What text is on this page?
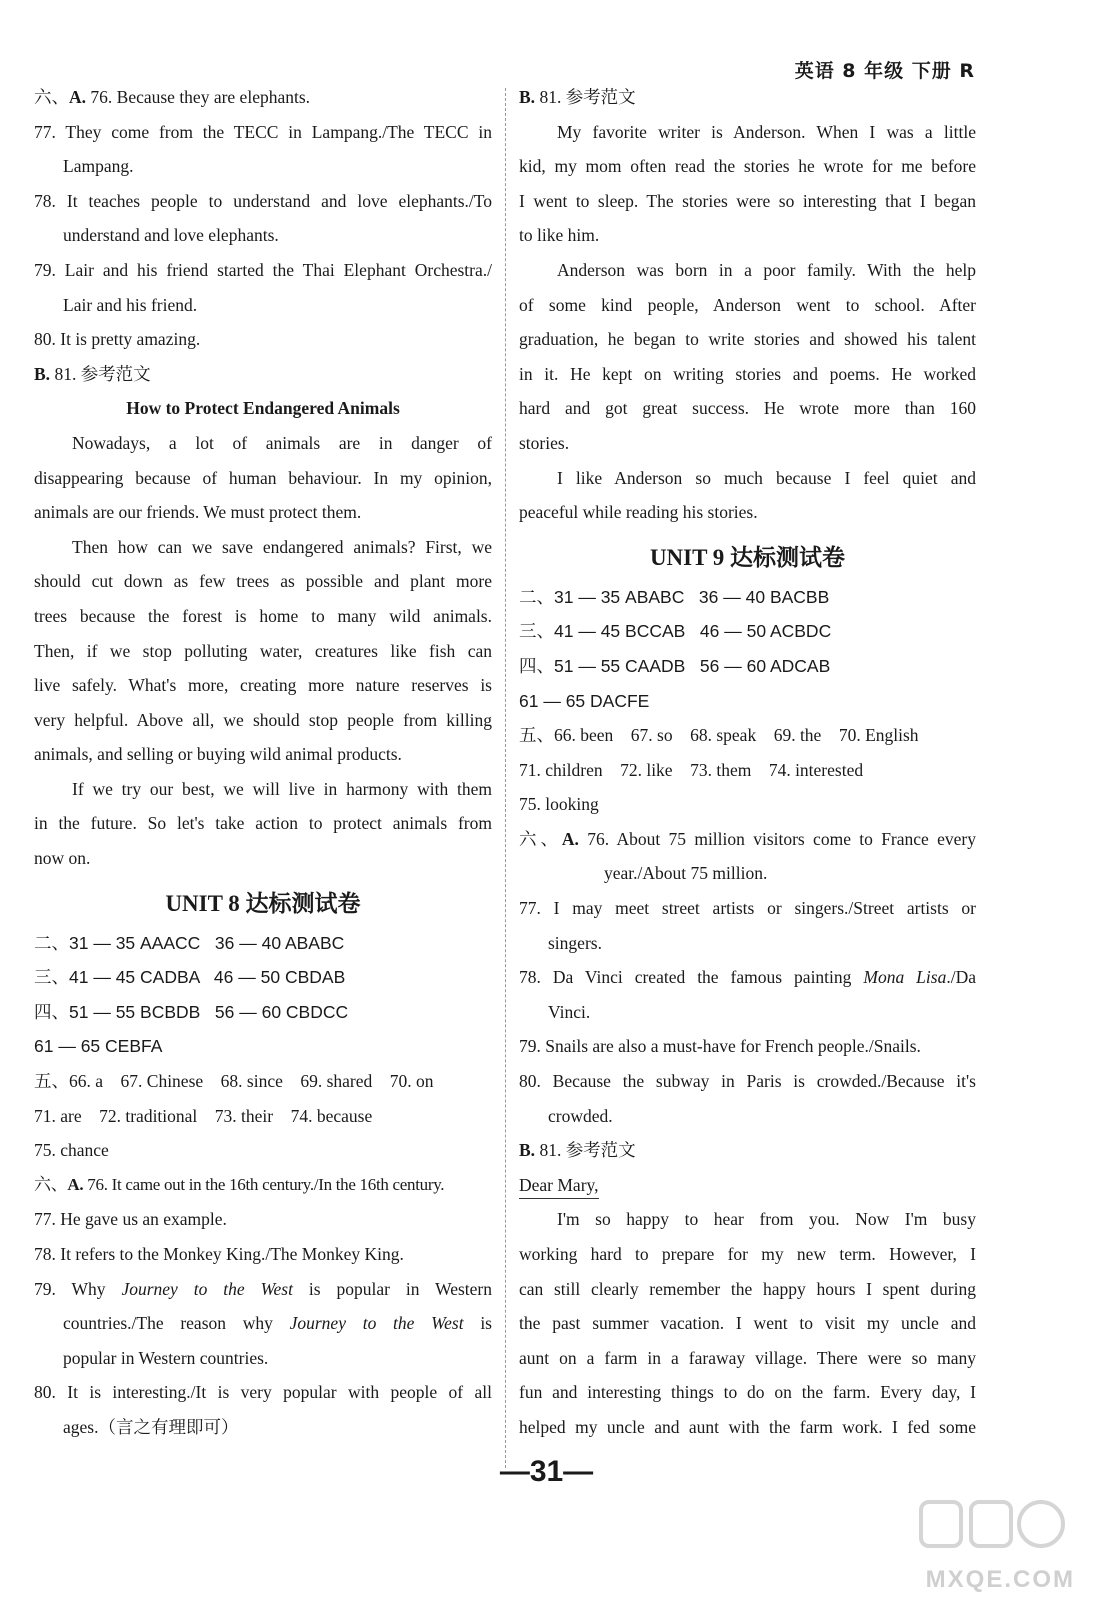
英语 8 年级 下册 R
六、A. 76. Because they are elephants.
77. They come from the TECC in Lampang./The TECC in
Lampang.
78. It teaches people to understand and love elephants./To
understand and love elephants.
79. Lair and his friend started the Thai Elephant Orchestra./
Lair and his friend.
80. It is pretty amazing.
B. 81. 参考范文
How to Protect Endangered Animals
Nowadays, a lot of animals are in danger of
disappearing because of human behaviour. In my opinion,
animals are our friends. We must protect them.
Then how can we save endangered animals? First, we
should cut down as few trees as possible and plant more
trees because the forest is home to many wild animals.
Then, if we stop polluting water, creatures like fish can
live safely. What's more, creating more nature reserves is
very helpful. Above all, we should stop people from killing
animals, and selling or buying wild animal products.
If we try our best, we will live in harmony with them
in the future. So let's take action to protect animals from
now on.
UNIT 8 达标测试卷
二、31 — 35 AAACC   36 — 40 ABABC
三、41 — 45 CADBA   46 — 50 CBDAB
四、51 — 55 BCBDB   56 — 60 CBDCC
61 — 65 CEBFA
五、66. a    67. Chinese    68. since    69. shared    70. on
71. are    72. traditional    73. their    74. because
75. chance
六、A. 76. It came out in the 16th century./In the 16th century.
77. He gave us an example.
78. It refers to the Monkey King./The Monkey King.
79. Why Journey to the West is popular in Western
countries./The reason why Journey to the West is
popular in Western countries.
80. It is interesting./It is very popular with people of all
ages.（言之有理即可）
B. 81. 参考范文
My favorite writer is Anderson. When I was a little
kid, my mom often read the stories he wrote for me before
I went to sleep. The stories were so interesting that I began
to like him.
Anderson was born in a poor family. With the help
of some kind people, Anderson went to school. After
graduation, he began to write stories and showed his talent
in it. He kept on writing stories and poems. He worked
hard and got great success. He wrote more than 160
stories.
I like Anderson so much because I feel quiet and
peaceful while reading his stories.
UNIT 9 达标测试卷
二、31 — 35 ABABC   36 — 40 BACBB
三、41 — 45 BCCAB   46 — 50 ACBDC
四、51 — 55 CAADB   56 — 60 ADCAB
61 — 65 DACFE
五、66. been    67. so    68. speak    69. the    70. English
71. children    72. like    73. them    74. interested
75. looking
六、A. 76. About 75 million visitors come to France every
year./About 75 million.
77. I may meet street artists or singers./Street artists or
singers.
78. Da Vinci created the famous painting Mona Lisa./Da
Vinci.
79. Snails are also a must-have for French people./Snails.
80. Because the subway in Paris is crowded./Because it's
crowded.
B. 81. 参考范文
Dear Mary,
I'm so happy to hear from you. Now I'm busy
working hard to prepare for my new term. However, I
can still clearly remember the happy hours I spent during
the past summer vacation. I went to visit my uncle and
aunt on a farm in a faraway village. There were so many
fun and interesting things to do on the farm. Every day, I
helped my uncle and aunt with the farm work. I fed some
—31—
MXQE.COM
